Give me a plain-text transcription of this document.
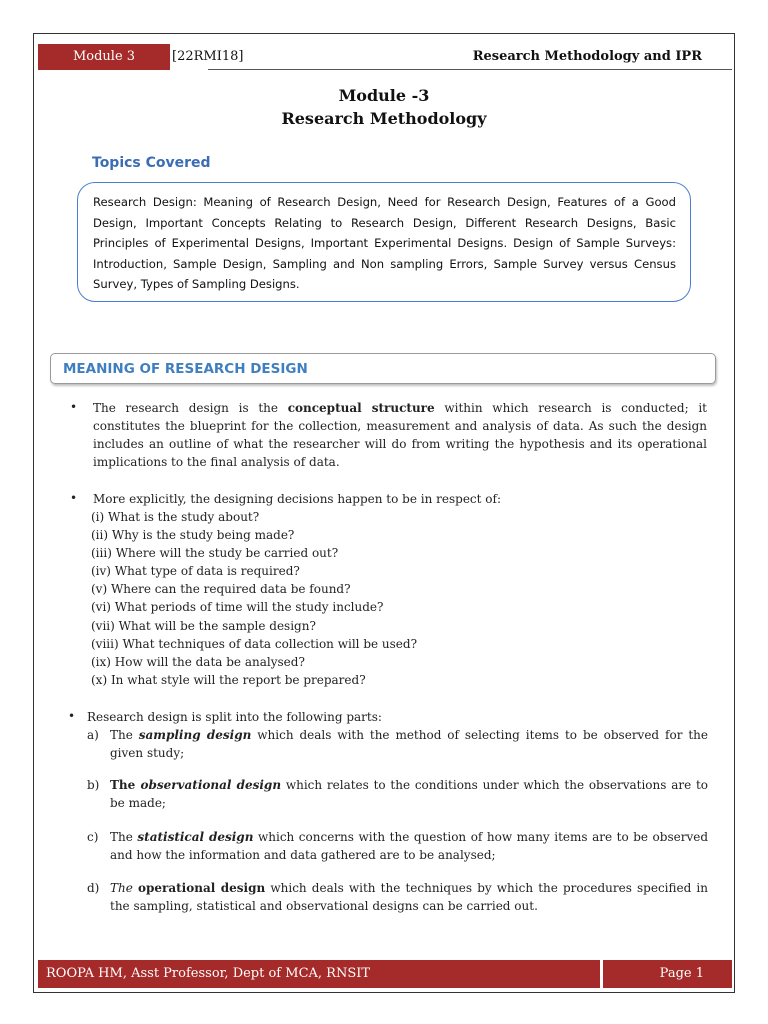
Module 3	[22RMI18]	Research Methodology and IPR
Module -3
Research Methodology
Topics Covered
Research Design: Meaning of Research Design, Need for Research Design, Features of a Good Design, Important Concepts Relating to Research Design, Different Research Designs, Basic Principles of Experimental Designs, Important Experimental Designs. Design of Sample Surveys: Introduction, Sample Design, Sampling and Non sampling Errors, Sample Survey versus Census Survey, Types of Sampling Designs.
MEANING OF RESEARCH DESIGN
• The research design is the conceptual structure within which research is conducted; it constitutes the blueprint for the collection, measurement and analysis of data. As such the design includes an outline of what the researcher will do from writing the hypothesis and its operational implications to the final analysis of data.
• More explicitly, the designing decisions happen to be in respect of:
(i) What is the study about?
(ii) Why is the study being made?
(iii) Where will the study be carried out?
(iv) What type of data is required?
(v) Where can the required data be found?
(vi) What periods of time will the study include?
(vii) What will be the sample design?
(viii) What techniques of data collection will be used?
(ix) How will the data be analysed?
(x) In what style will the report be prepared?
• Research design is split into the following parts:
a) The sampling design which deals with the method of selecting items to be observed for the given study;
b) The observational design which relates to the conditions under which the observations are to be made;
c) The statistical design which concerns with the question of how many items are to be observed and how the information and data gathered are to be analysed;
d) The operational design which deals with the techniques by which the procedures specified in the sampling, statistical and observational designs can be carried out.
ROOPA HM, Asst Professor, Dept of MCA, RNSIT	Page 1
